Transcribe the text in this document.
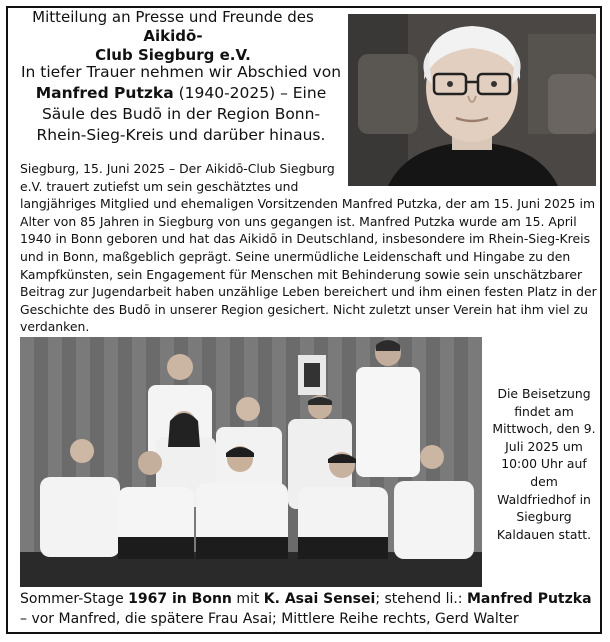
Mitteilung an Presse und Freunde des Aikidō-
Club Siegburg e.V.
In tiefer Trauer nehmen wir Abschied von
Manfred Putzka (1940-2025) – Eine Säule des Budō in der Region Bonn-Rhein-Sieg-Kreis und darüber hinaus.
Siegburg, 15. Juni 2025 – Der Aikidō-Club Siegburg e.V. trauert zutiefst um sein geschätztes und
langjähriges Mitglied und ehemaligen Vorsitzenden Manfred Putzka, der am 15. Juni 2025 im Alter von 85 Jahren in Siegburg von uns gegangen ist. Manfred Putzka wurde am 15. April 1940 in Bonn geboren und hat das Aikidō in Deutschland, insbesondere im Rhein-Sieg-Kreis und in Bonn, maßgeblich geprägt. Seine unermüdliche Leidenschaft und Hingabe zu den Kampfkünsten, sein Engagement für Menschen mit Behinderung sowie sein unschätzbarer Beitrag zur Jugendarbeit haben unzählige Leben bereichert und ihm einen festen Platz in der Geschichte des Budō in unserer Region gesichert. Nicht zuletzt unser Verein hat ihm viel zu verdanken.
Die Beisetzung findet am Mittwoch, den 9. Juli 2025 um 10:00 Uhr auf dem Waldfriedhof in Siegburg Kaldauen statt.
Sommer-Stage 1967 in Bonn mit K. Asai Sensei; stehend li.: Manfred Putzka – vor Manfred, die spätere Frau Asai; Mittlere Reihe rechts, Gerd Walter
